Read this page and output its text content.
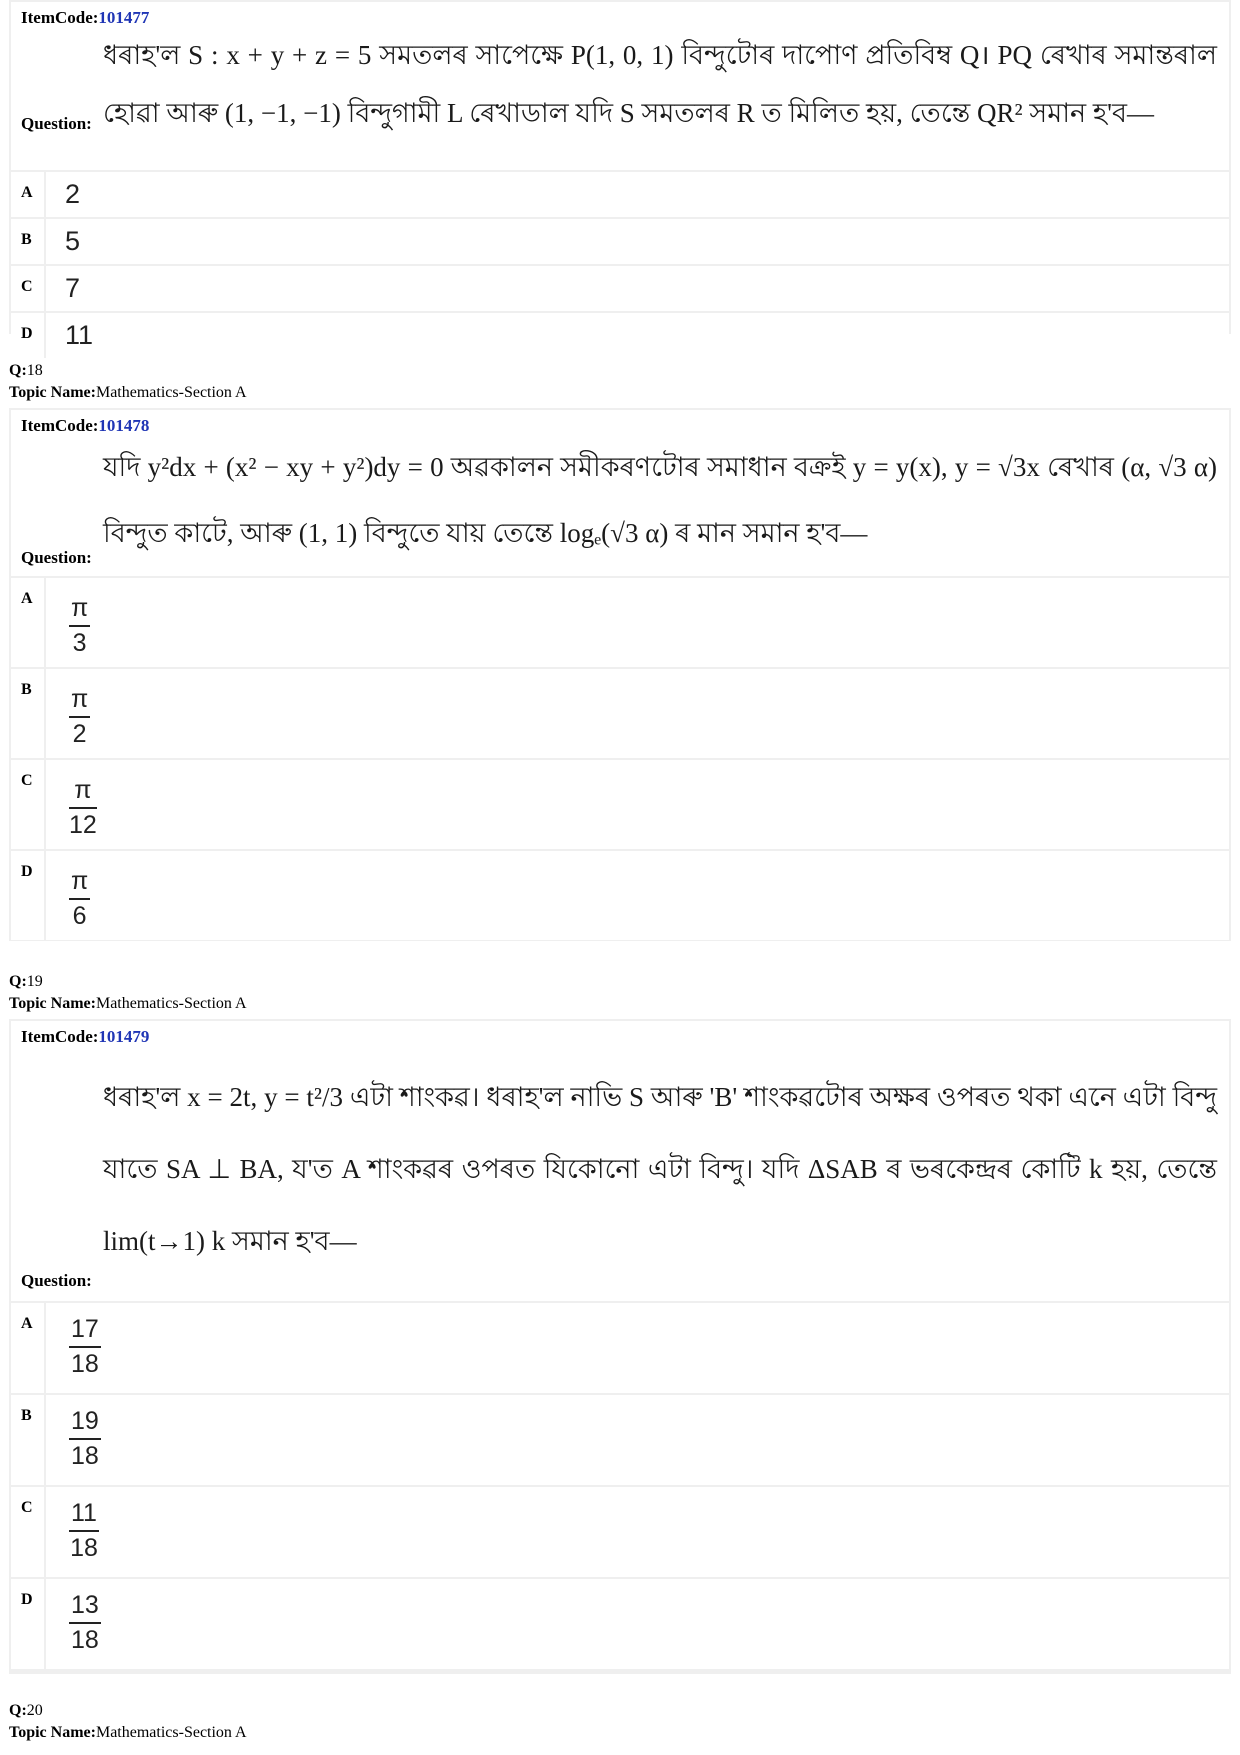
ItemCode:101477
ধৰাহ'ল S : x + y + z = 5 সমতলৰ সাপেক্ষে P(1, 0, 1) বিন্দুটোৰ দাপোণ প্ৰতিবিম্ব Q। PQ ৰেখাৰ সমান্তৰাল হোৱা আৰু (1, −1, −1) বিন্দুগামী L ৰেখাডাল যদি S সমতলৰ R ত মিলিত হয়, তেন্তে QR² সমান হ'ব—
Question:
A 2
B 5
C 7
D 11
Q:18
Topic Name:Mathematics-Section A
ItemCode:101478
যদি y²dx + (x² − xy + y²)dy = 0 অৱকালন সমীকৰণটোৰ সমাধান বক্ৰই y = y(x), y = √3x ৰেখাৰ (α, √3 α) বিন্দুত কাটে, আৰু (1, 1) বিন্দুতে যায় তেন্তে logₑ(√3 α) ৰ মান সমান হ'ব—
Question:
A π
3
B π
2
C π
12
D π
6
Q:19
Topic Name:Mathematics-Section A
ItemCode:101479
ধৰাহ'ল x = 2t, y = t²/3 এটা শাংকৱ। ধৰাহ'ল নাভি S আৰু 'B' শাংকৱটোৰ অক্ষৰ ওপৰত থকা এনে এটা বিন্দু যাতে SA ⊥ BA, য'ত A শাংকৱৰ ওপৰত যিকোনো এটা বিন্দু। যদি ΔSAB ৰ ভৰকেন্দ্ৰৰ কোটি k হয়, তেন্তে lim(t→1) k সমান হ'ব—
Question:
A 17
18
B 19
18
C 11
18
D 13
18
Q:20
Topic Name:Mathematics-Section A
